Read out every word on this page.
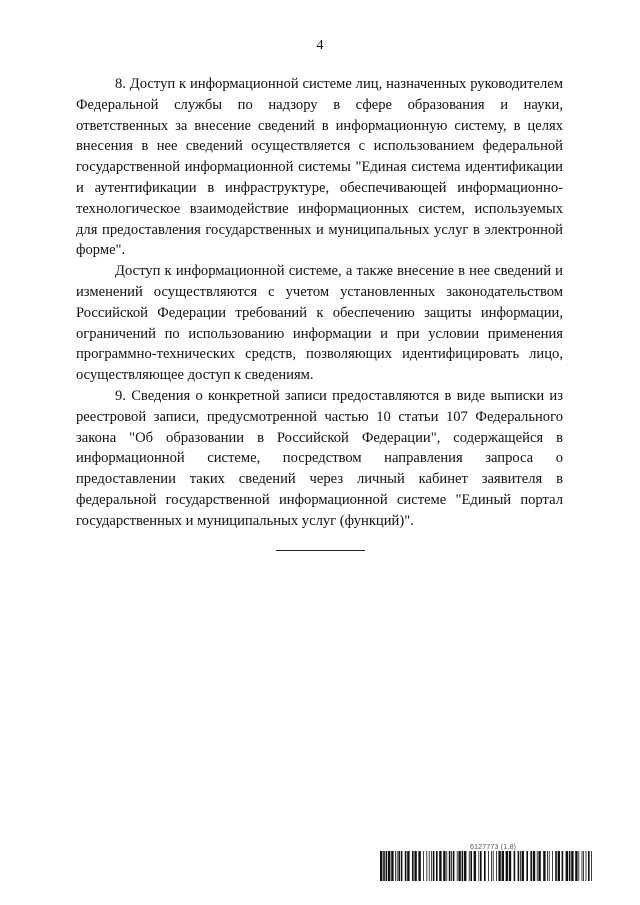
4

8. Доступ к информационной системе лиц, назначенных руководителем Федеральной службы по надзору в сфере образования и науки, ответственных за внесение сведений в информационную систему, в целях внесения в нее сведений осуществляется с использованием федеральной государственной информационной системы "Единая система идентификации и аутентификации в инфраструктуре, обеспечивающей информационно-технологическое взаимодействие информационных систем, используемых для предоставления государственных и муниципальных услуг в электронной форме".

Доступ к информационной системе, а также внесение в нее сведений и изменений осуществляются с учетом установленных законодательством Российской Федерации требований к обеспечению защиты информации, ограничений по использованию информации и при условии применения программно-технических средств, позволяющих идентифицировать лицо, осуществляющее доступ к сведениям.

9. Сведения о конкретной записи предоставляются в виде выписки из реестровой записи, предусмотренной частью 10 статьи 107 Федерального закона "Об образовании в Российской Федерации", содержащейся в информационной системе, посредством направления запроса о предоставлении таких сведений через личный кабинет заявителя в федеральной государственной информационной системе "Единый портал государственных и муниципальных услуг (функций)".

6127773 (1.8)
